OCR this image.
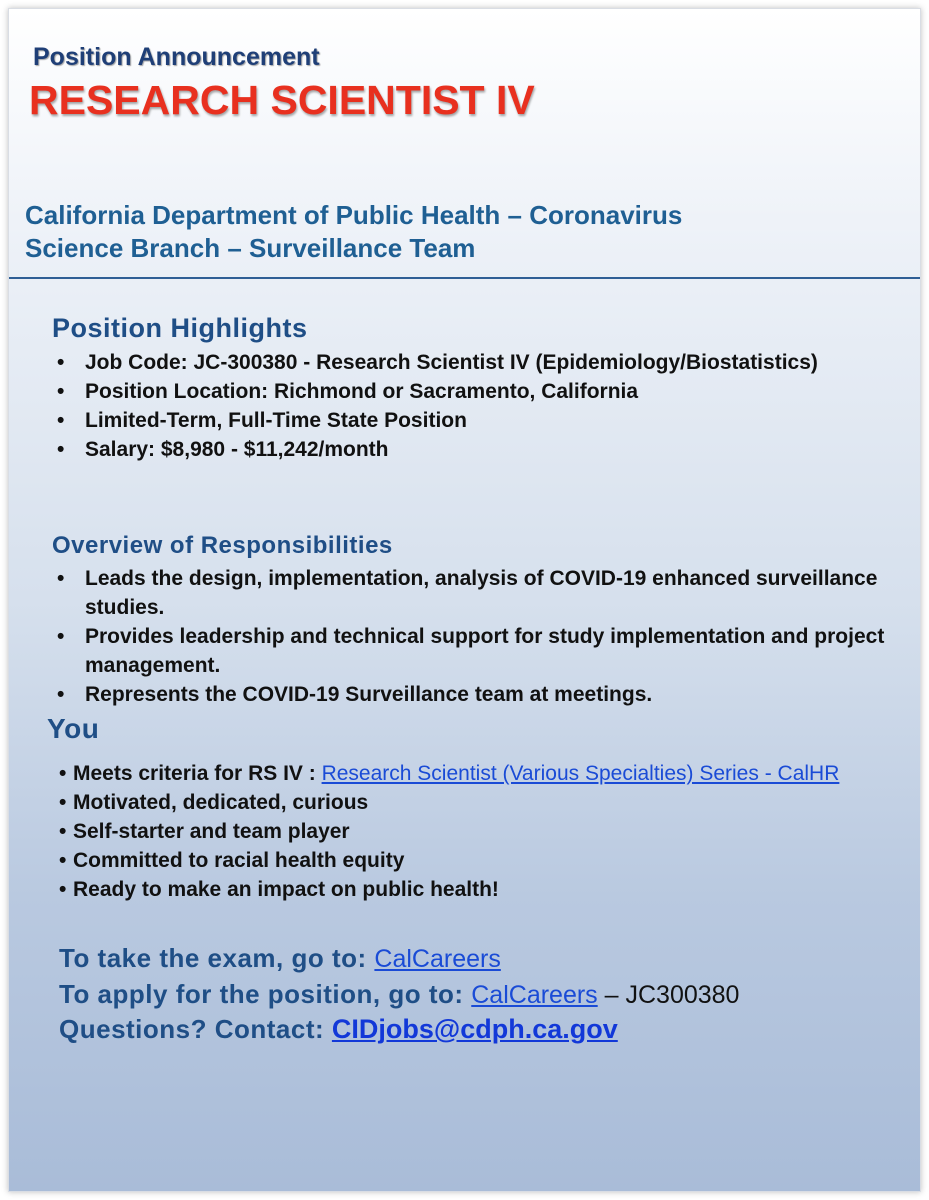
Position Announcement
RESEARCH SCIENTIST IV
California Department of Public Health – Coronavirus
Science Branch – Surveillance Team
Position Highlights
• Job Code: JC-300380 - Research Scientist IV (Epidemiology/Biostatistics)
• Position Location: Richmond or Sacramento, California
• Limited-Term, Full-Time State Position
• Salary: $8,980 - $11,242/month
Overview of Responsibilities
• Leads the design, implementation, analysis of COVID-19 enhanced surveillance studies.
• Provides leadership and technical support for study implementation and project management.
• Represents the COVID-19 Surveillance team at meetings.
You
• Meets criteria for RS IV : Research Scientist (Various Specialties) Series - CalHR
• Motivated, dedicated, curious
• Self-starter and team player
• Committed to racial health equity
• Ready to make an impact on public health!
To take the exam, go to: CalCareers
To apply for the position, go to: CalCareers – JC300380
Questions? Contact: CIDjobs@cdph.ca.gov
